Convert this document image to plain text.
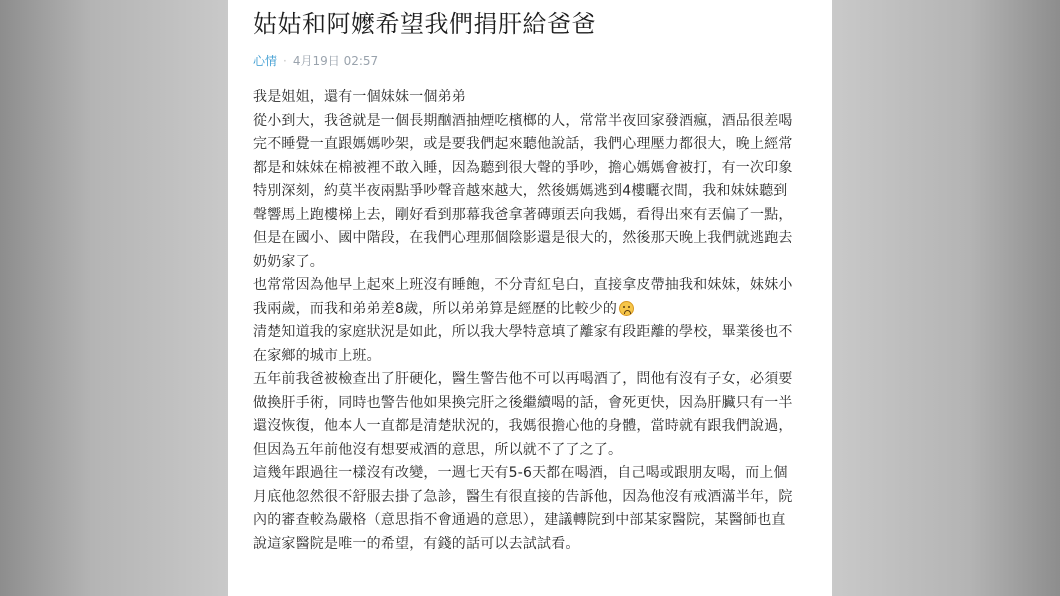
姑姑和阿嬤希望我們捐肝給爸爸
心情 · 4月19日 02:57
我是姐姐，還有一個妹妹一個弟弟
從小到大，我爸就是一個長期酗酒抽煙吃檳榔的人，常常半夜回家發酒瘋，酒品很差喝
完不睡覺一直跟媽媽吵架，或是要我們起來聽他說話，我們心理壓力都很大，晚上經常
都是和妹妹在棉被裡不敢入睡，因為聽到很大聲的爭吵，擔心媽媽會被打，有一次印象
特別深刻，約莫半夜兩點爭吵聲音越來越大，然後媽媽逃到4樓曬衣間，我和妹妹聽到
聲響馬上跑樓梯上去，剛好看到那幕我爸拿著磚頭丟向我媽，看得出來有丟偏了一點，
但是在國小、國中階段，在我們心理那個陰影還是很大的，然後那天晚上我們就逃跑去
奶奶家了。
也常常因為他早上起來上班沒有睡飽，不分青紅皂白，直接拿皮帶抽我和妹妹，妹妹小
我兩歲，而我和弟弟差8歲，所以弟弟算是經歷的比較少的
清楚知道我的家庭狀況是如此，所以我大學特意填了離家有段距離的學校，畢業後也不
在家鄉的城市上班。
五年前我爸被檢查出了肝硬化，醫生警告他不可以再喝酒了，問他有沒有子女，必須要
做換肝手術，同時也警告他如果換完肝之後繼續喝的話，會死更快，因為肝臟只有一半
還沒恢復，他本人一直都是清楚狀況的，我媽很擔心他的身體，當時就有跟我們說過，
但因為五年前他沒有想要戒酒的意思，所以就不了了之了。
這幾年跟過往一樣沒有改變，一週七天有5-6天都在喝酒，自己喝或跟朋友喝，而上個
月底他忽然很不舒服去掛了急診，醫生有很直接的告訴他，因為他沒有戒酒滿半年，院
內的審查較為嚴格（意思指不會通過的意思），建議轉院到中部某家醫院，某醫師也直
說這家醫院是唯一的希望，有錢的話可以去試試看。
